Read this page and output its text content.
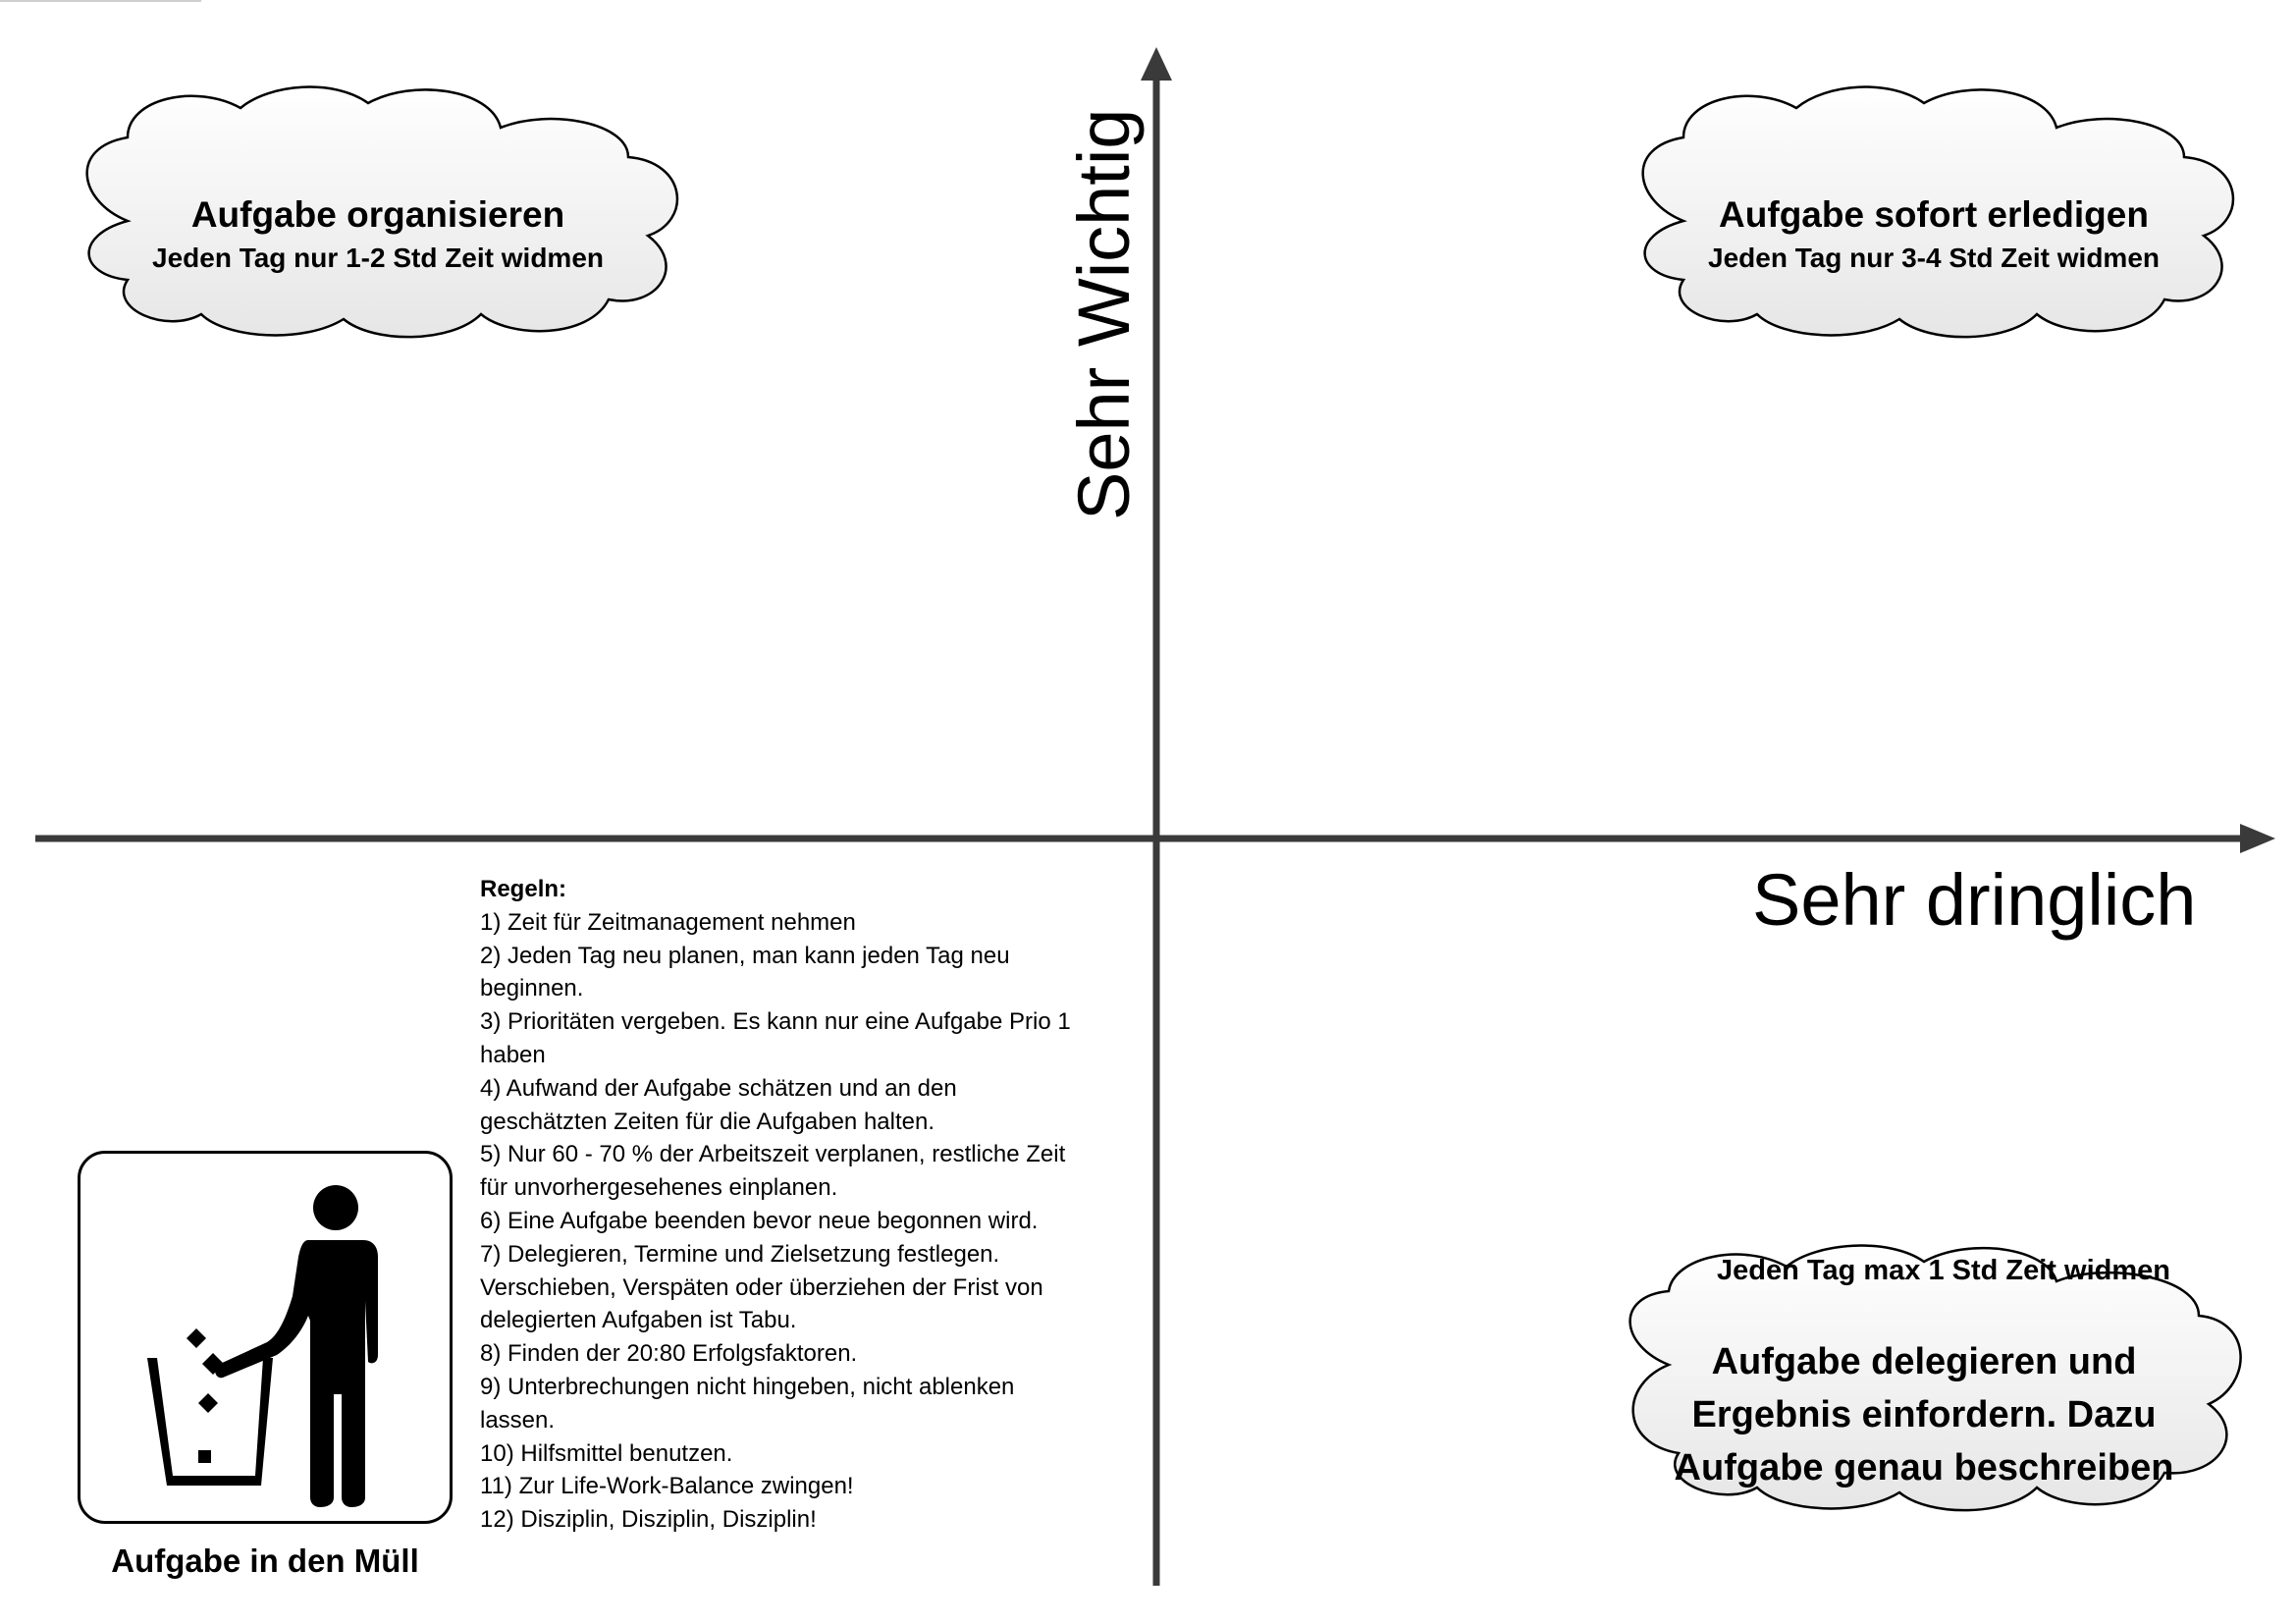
Aufgabe organisieren
Jeden Tag nur 1-2 Std Zeit widmen
Aufgabe sofort erledigen
Jeden Tag nur 3-4 Std Zeit widmen
Jeden Tag max 1 Std Zeit widmen
Aufgabe delegieren und
Ergebnis einfordern. Dazu
Aufgabe genau beschreiben
Sehr Wichtig
Sehr dringlich
Regeln:
1) Zeit für Zeitmanagement nehmen
2) Jeden Tag neu planen, man kann jeden Tag neu
beginnen.
3) Prioritäten vergeben. Es kann nur eine Aufgabe Prio 1
haben
4) Aufwand der Aufgabe schätzen und an den
geschätzten Zeiten für die Aufgaben halten.
5) Nur 60 - 70 % der Arbeitszeit verplanen, restliche Zeit
für unvorhergesehenes einplanen.
6) Eine Aufgabe beenden bevor neue begonnen wird.
7) Delegieren, Termine und Zielsetzung festlegen.
Verschieben, Verspäten oder überziehen der Frist von
delegierten Aufgaben ist Tabu.
8) Finden der 20:80 Erfolgsfaktoren.
9) Unterbrechungen nicht hingeben, nicht ablenken
lassen.
10) Hilfsmittel benutzen.
11) Zur Life-Work-Balance zwingen!
12) Disziplin, Disziplin, Disziplin!
Aufgabe in den Müll
